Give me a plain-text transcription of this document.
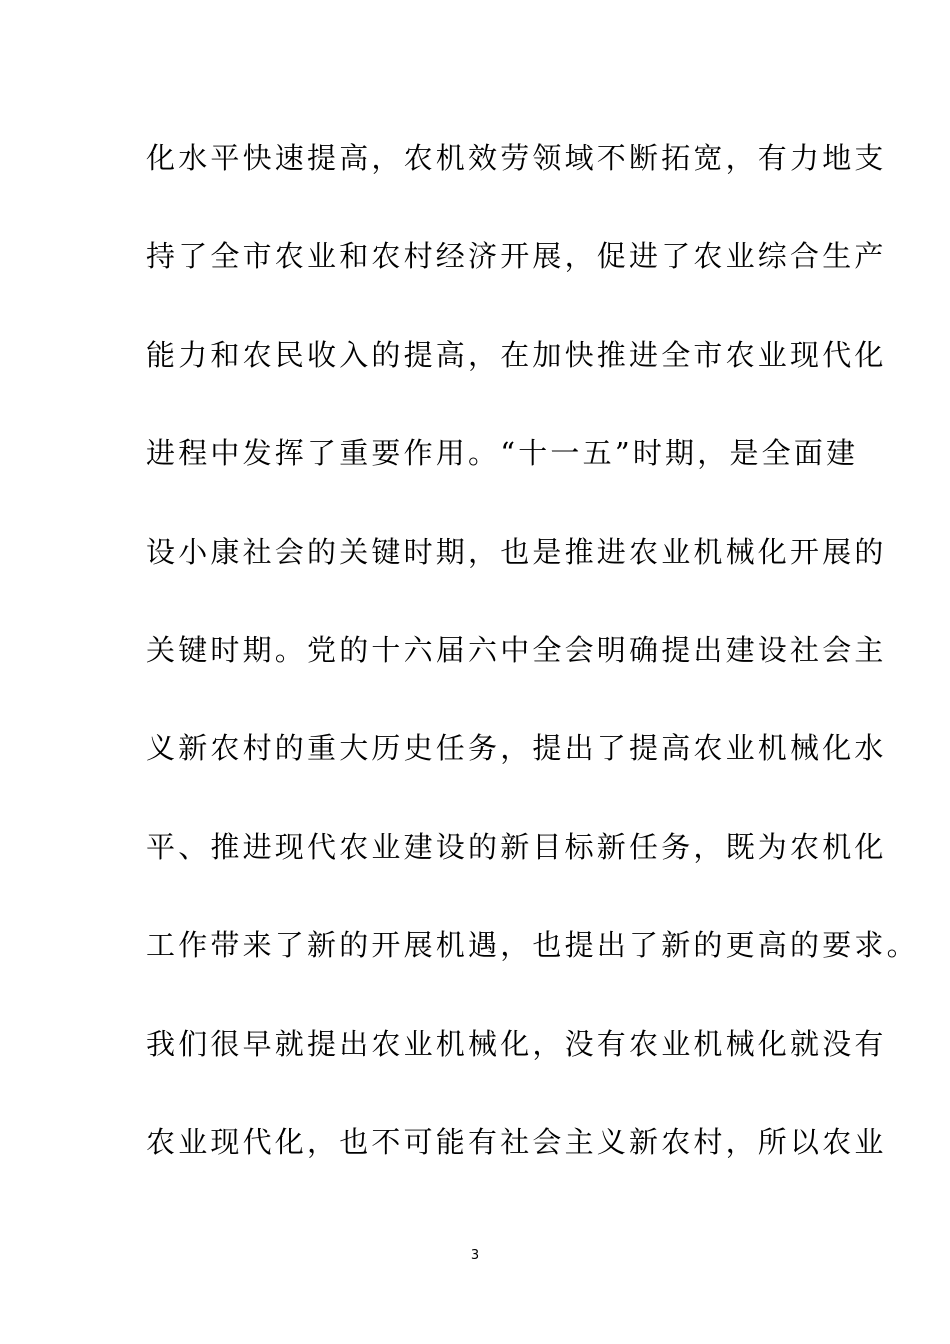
化水平快速提高，农机效劳领域不断拓宽，有力地支
持了全市农业和农村经济开展，促进了农业综合生产
能力和农民收入的提高，在加快推进全市农业现代化
进程中发挥了重要作用。“十一五”时期，是全面建
设小康社会的关键时期，也是推进农业机械化开展的
关键时期。党的十六届六中全会明确提出建设社会主
义新农村的重大历史任务，提出了提高农业机械化水
平、推进现代农业建设的新目标新任务，既为农机化
工作带来了新的开展机遇，也提出了新的更高的要求。
我们很早就提出农业机械化，没有农业机械化就没有
农业现代化，也不可能有社会主义新农村，所以农业
3
